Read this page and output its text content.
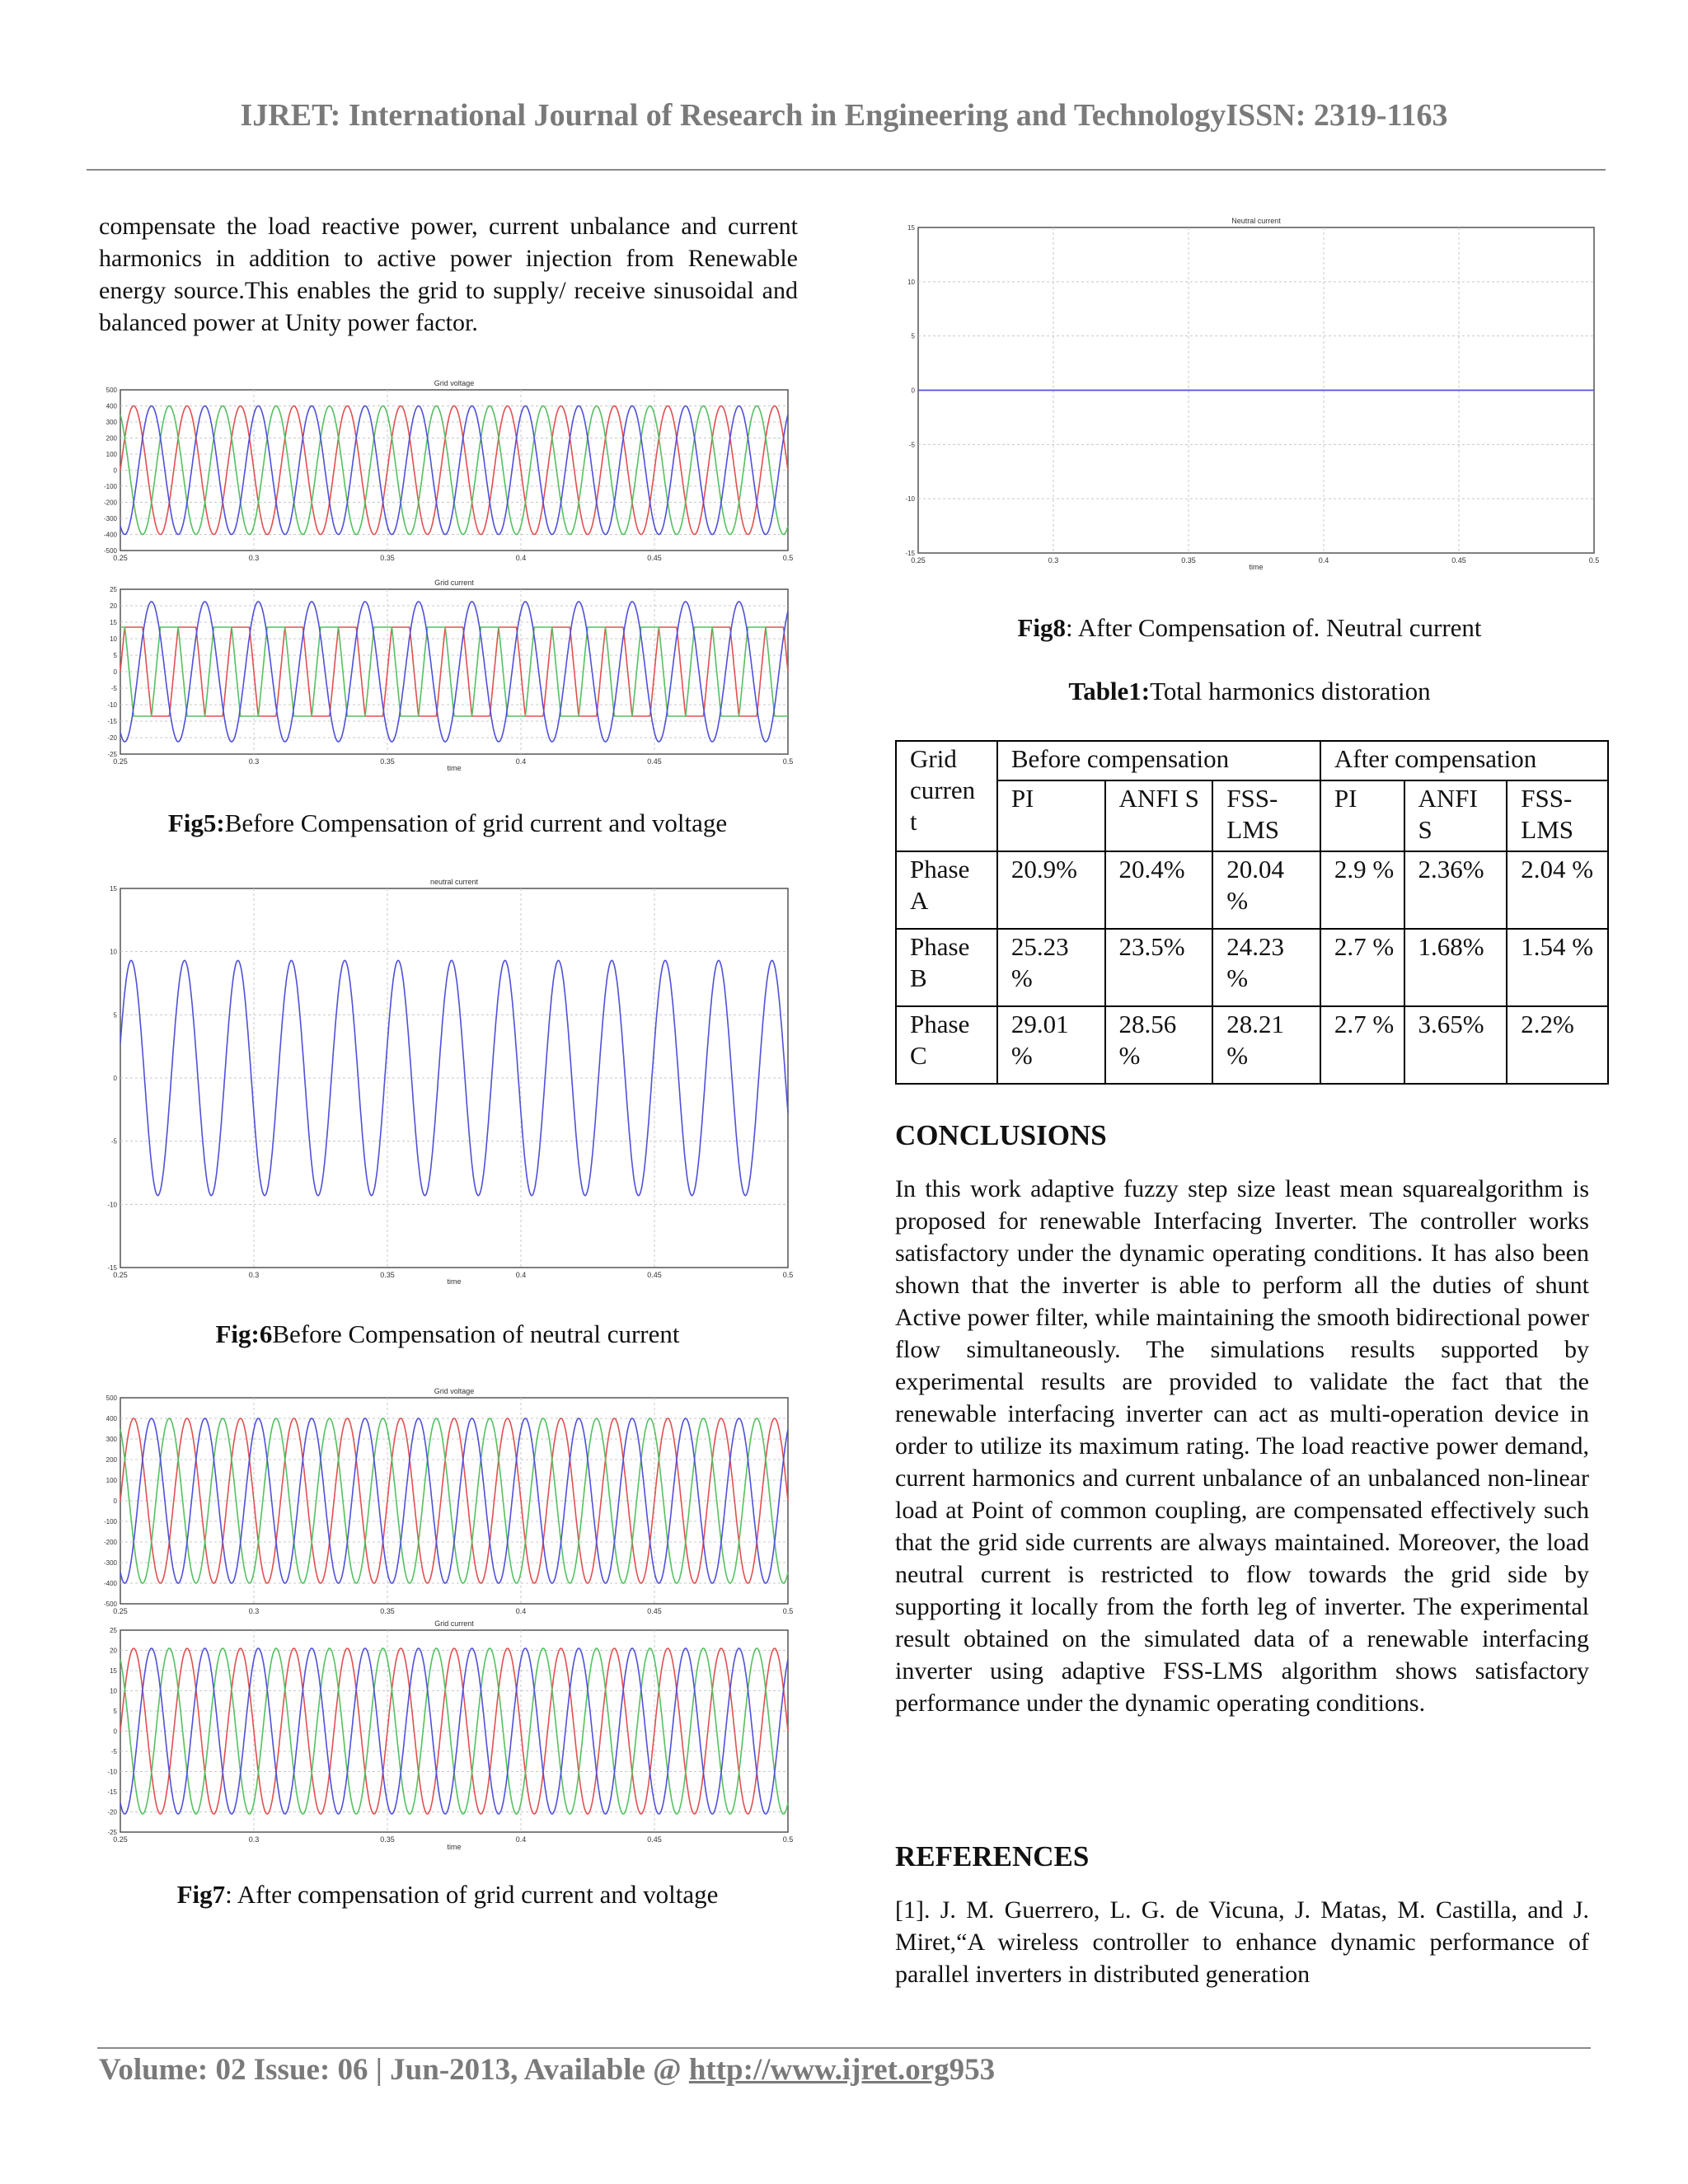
IJRET: International Journal of Research in Engineering and TechnologyISSN: 2319-1163

compensate the load reactive power, current unbalance and current harmonics in addition to active power injection from Renewable energy source.This enables the grid to supply/ receive sinusoidal and balanced power at Unity power factor.

0.25	0.3	0.35	0.4	0.45	0.5
500
400
300
200
100
0
-100
-200
-300
-400
-500
Grid voltage
0.25	0.3	0.35	0.4	0.45	0.5
25
20
15
10
5
0
-5
-10
-15
-20
-25
Grid current
time
Fig5:Before Compensation of grid current and voltage
0.25	0.3	0.35	0.4	0.45	0.5
15
10
5
0
-5
-10
-15
neutral current
time
Fig:6Before Compensation of neutral current
0.25	0.3	0.35	0.4	0.45	0.5
500
400
300
200
100
0
-100
-200
-300
-400
-500
Grid voltage
0.25	0.3	0.35	0.4	0.45	0.5
25
20
15
10
5
0
-5
-10
-15
-20
-25
Grid current
time
Fig7: After compensation of grid current and voltage
0.25	0.3	0.35	0.4	0.45	0.5
15
10
5
0
-5
-10
-15
Neutral current
time
Fig8: After Compensation of. Neutral current
Table1:Total harmonics distoration
Grid curren t	Before compensation			After compensation		
	PI	ANFI S	FSS- LMS	PI	ANFI S	FSS- LMS
Phase A	20.9%	20.4%	20.04 %	2.9 %	2.36%	2.04 %
Phase B	25.23 %	23.5%	24.23 %	2.7 %	1.68%	1.54 %
Phase C	29.01 %	28.56 %	28.21 %	2.7 %	3.65%	2.2%
CONCLUSIONS

In this work adaptive fuzzy step size least mean squarealgorithm is proposed for renewable Interfacing Inverter. The controller works satisfactory under the dynamic operating conditions. It has also been shown that the inverter is able to perform all the duties of shunt Active power filter, while maintaining the smooth bidirectional power flow simultaneously. The simulations results supported by experimental results are provided to validate the fact that the renewable interfacing inverter can act as multi-operation device in order to utilize its maximum rating. The load reactive power demand, current harmonics and current unbalance of an unbalanced non-linear load at Point of common coupling, are compensated effectively such that the grid side currents are always maintained. Moreover, the load neutral current is restricted to flow towards the grid side by supporting it locally from the forth leg of inverter. The experimental result obtained on the simulated data of a renewable interfacing inverter using adaptive FSS-LMS algorithm shows satisfactory performance under the dynamic operating conditions.

REFERENCES

[1]. J. M. Guerrero, L. G. de Vicuna, J. Matas, M. Castilla, and J. Miret,“A wireless controller to enhance dynamic performance of parallel inverters in distributed generation

Volume: 02 Issue: 06 | Jun-2013, Available @ http://www.ijret.org953
